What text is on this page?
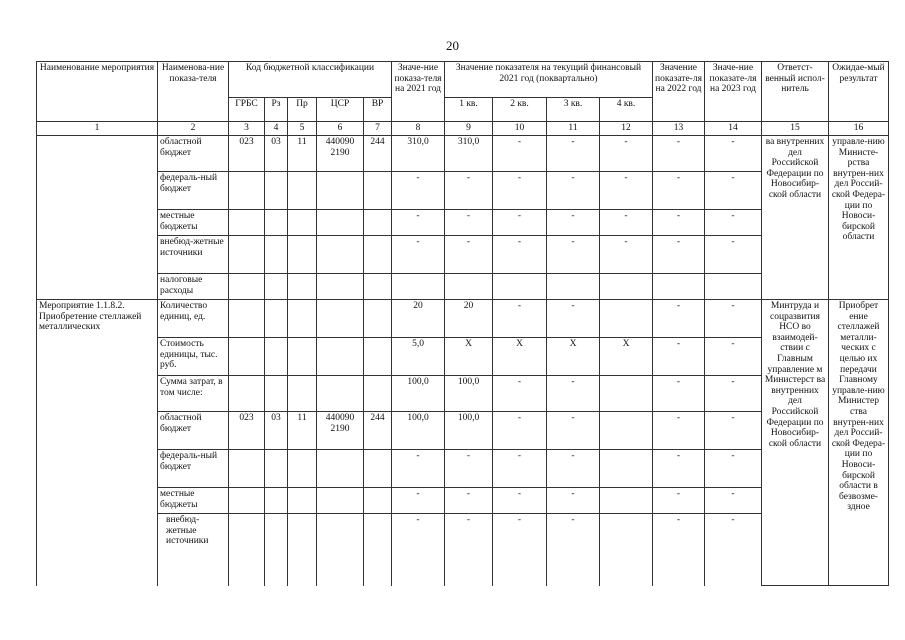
20
Наименование мероприятия	Наименова-ние показа-теля	Код бюджетной классификации					Значе-ние показа-теля на 2021 год	Значение показателя на текущий финансовый 2021 год (поквартально)				Значение показате-ля на 2022 год	Значе-ние показате-ля на 2023 год	Ответст-венный испол-нитель	Ожидае-мый результат
		ГРБС	Рз	Пр	ЦСР	ВР		1 кв.	2 кв.	3 кв.	4 кв.				
1	2	3	4	5	6	7	8	9	10	11	12	13	14	15	16
	областной бюджет	023	03	11	440090 2190	244	310,0	310,0	-	-	-	-	-	ва внутренних дел Российской Федерации по Новосибир-ской области	управле-нию Министе-рства внутрен-них дел Россий-ской Федера-ции по Новоси-бирской области
	федераль-ный бюджет						-	-	-	-	-	-	-		
	местные бюджеты						-	-	-	-	-	-	-		
	внебюд-жетные источники						-	-	-	-	-	-	-		
	налоговые расходы														
Мероприятие 1.1.8.2. Приобретение стеллажей металлических	Количество единиц, ед.						20	20	-	-		-	-	Минтруда и соцразвития НСО во взаимодей-ствии с Главным управление м Министерст ва внутренних дел Российской Федерации по Новосибир-ской области	Приобрет ение стеллажей металли-ческих с целью их передачи Главному управле-нию Министер ства внутрен-них дел Россий-ской Федера-ции по Новоси-бирской области в безвозме-здное
	Стоимость единицы, тыс. руб.						5,0	Х	Х	Х	Х	-	-		
	Сумма затрат, в том числе:						100,0	100,0	-	-		-	-		
	областной бюджет	023	03	11	440090 2190	244	100,0	100,0	-	-		-	-		
	федераль-ный бюджет						-	-	-	-		-	-		
	местные бюджеты						-	-	-	-		-	-		
	внебюд-жетные источники						-	-	-	-		-	-		
